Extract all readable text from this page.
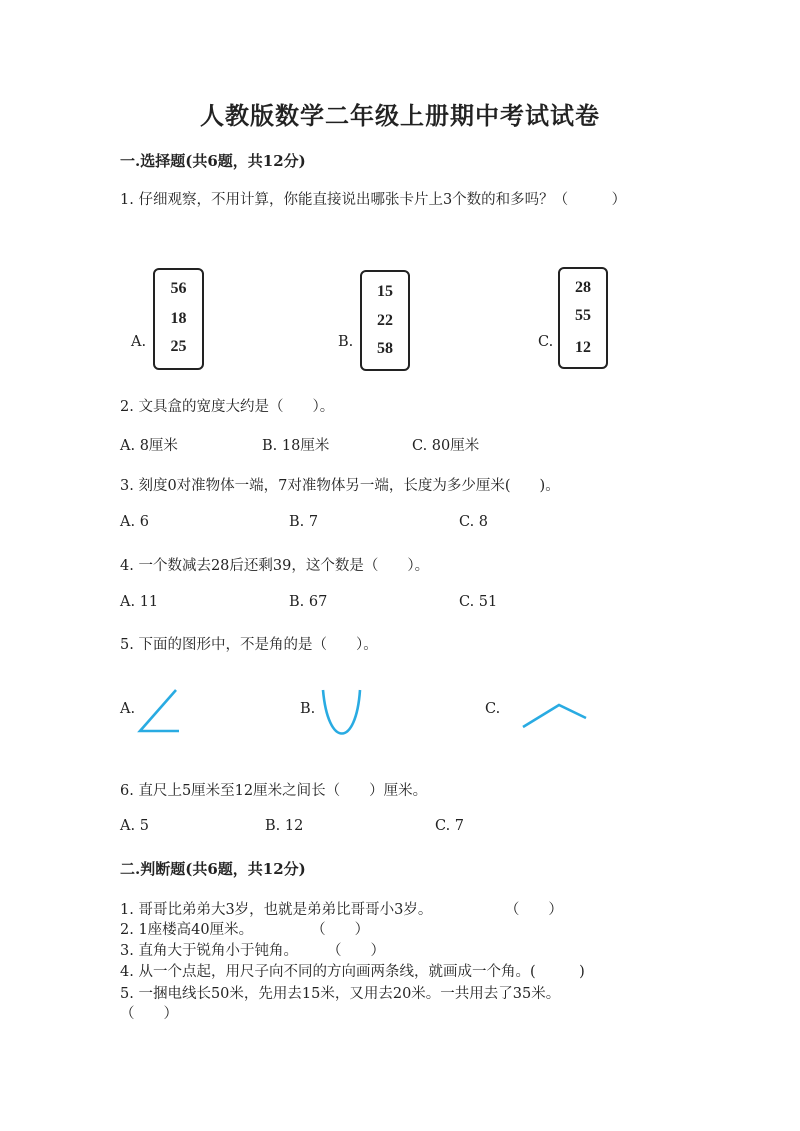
人教版数学二年级上册期中考试试卷
一.选择题(共6题，共12分)
1. 仔细观察，不用计算，你能直接说出哪张卡片上3个数的和多吗？（　　　）
A.
56
18
25	B.
15
22
58	C.
28
55
12
2. 文具盒的宽度大约是（　　）。
A. 8厘米	B. 18厘米	C. 80厘米
3. 刻度0对准物体一端，7对准物体另一端，长度为多少厘米(　　)。
A. 6	B. 7	C. 8
4. 一个数减去28后还剩39，这个数是（　　）。
A. 11	B. 67	C. 51
5. 下面的图形中，不是角的是（　　）。
A.	B.	C.
6. 直尺上5厘米至12厘米之间长（　　）厘米。
A. 5	B. 12	C. 7
二.判断题(共6题，共12分)
1. 哥哥比弟弟大3岁，也就是弟弟比哥哥小3岁。　　　　　　（　　）
2. 1座楼高40厘米。　　　　　（　　）
3. 直角大于锐角小于钝角。　　　（　　）
4. 从一个点起，用尺子向不同的方向画两条线，就画成一个角。(　　　)
5. 一捆电线长50米，先用去15米，又用去20米。一共用去了35米。
（　　）
